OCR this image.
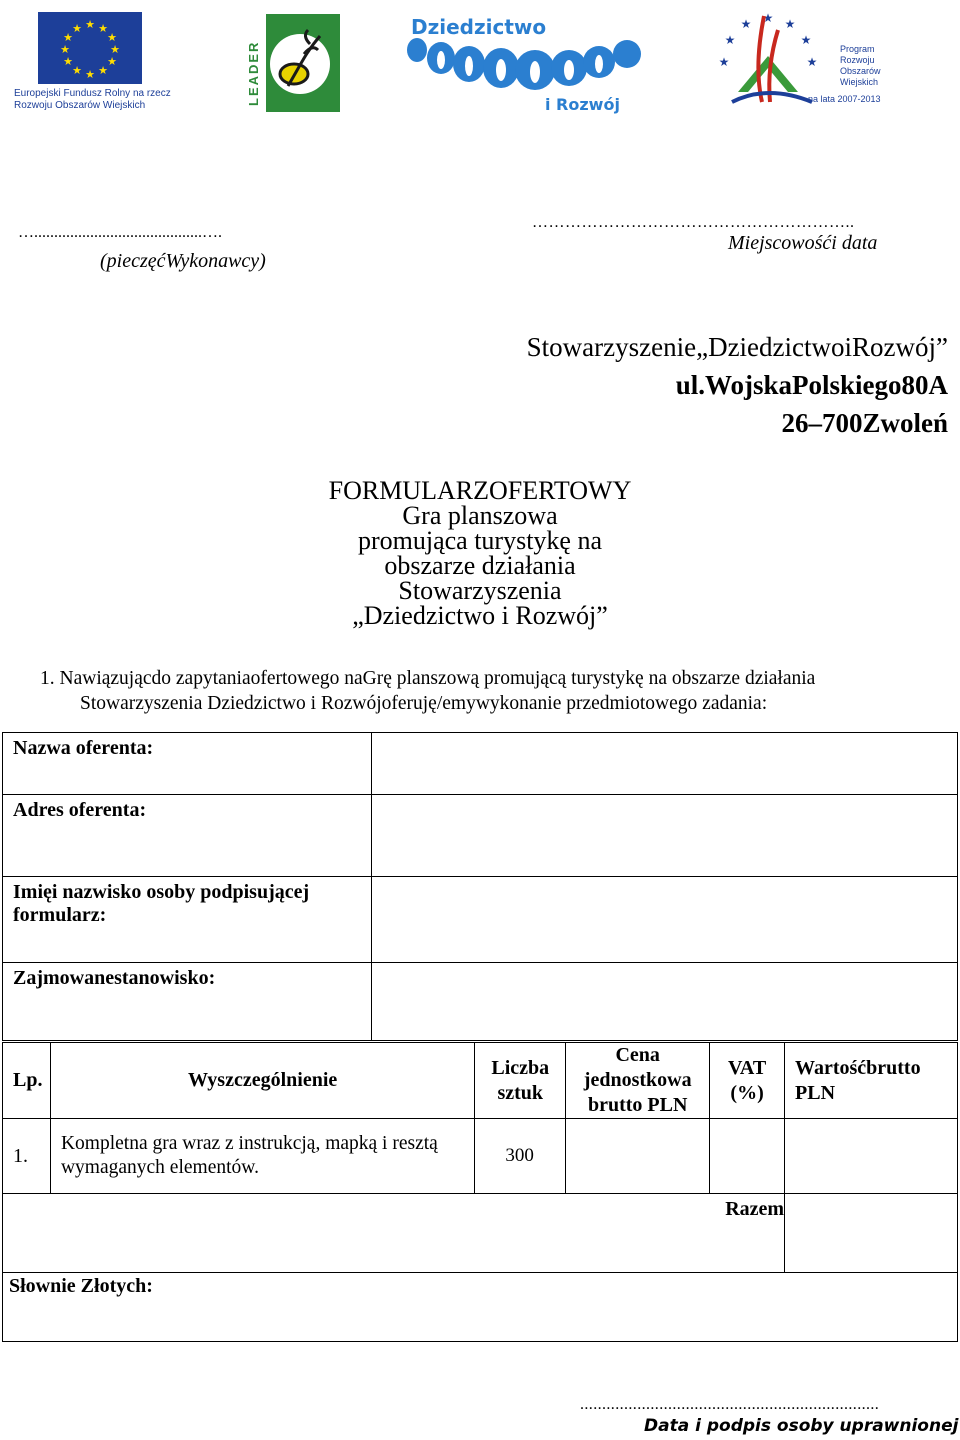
★ ★
★
★
★
★
★
★
★
★
★
★
Europejski Fundusz Rolny na rzecz Rozwoju Obszarów Wiejskich	LEADER
Dziedzictwo
i Rozwój
★
★
★ ★ ★
★
★
Program Rozwoju Obszarów Wiejskich
na lata 2007-2013
…..........................................….
(pieczęćWykonawcy)
…………………………………………………..
Miejscowośći data
Stowarzyszenie„DziedzictwoiRozwój”
ul.WojskaPolskiego80A
26–700Zwoleń
FORMULARZOFERTOWY
Gra planszowa
promująca turystykę na
obszarze działania
Stowarzyszenia
„Dziedzictwo i Rozwój”
1. Nawiązującdo zapytaniaofertowego naGrę planszową promującą turystykę na obszarze działania
Stowarzyszenia Dziedzictwo i Rozwójoferuję/emywykonanie przedmiotowego zadania:
Nazwa oferenta:	
Adres oferenta:	
Imięi nazwisko osoby podpisującej formularz:	
Zajmowanestanowisko:	
Lp.	Wyszczególnienie	Liczba sztuk	Cena jednostkowa brutto PLN	VAT (%)	Wartośćbrutto PLN
1.	Kompletna gra wraz z instrukcją, mapką i resztą wymaganych elementów.	300			
Razem					
Słownie Złotych:					
....................................................................
Data i podpis osoby uprawnionej
